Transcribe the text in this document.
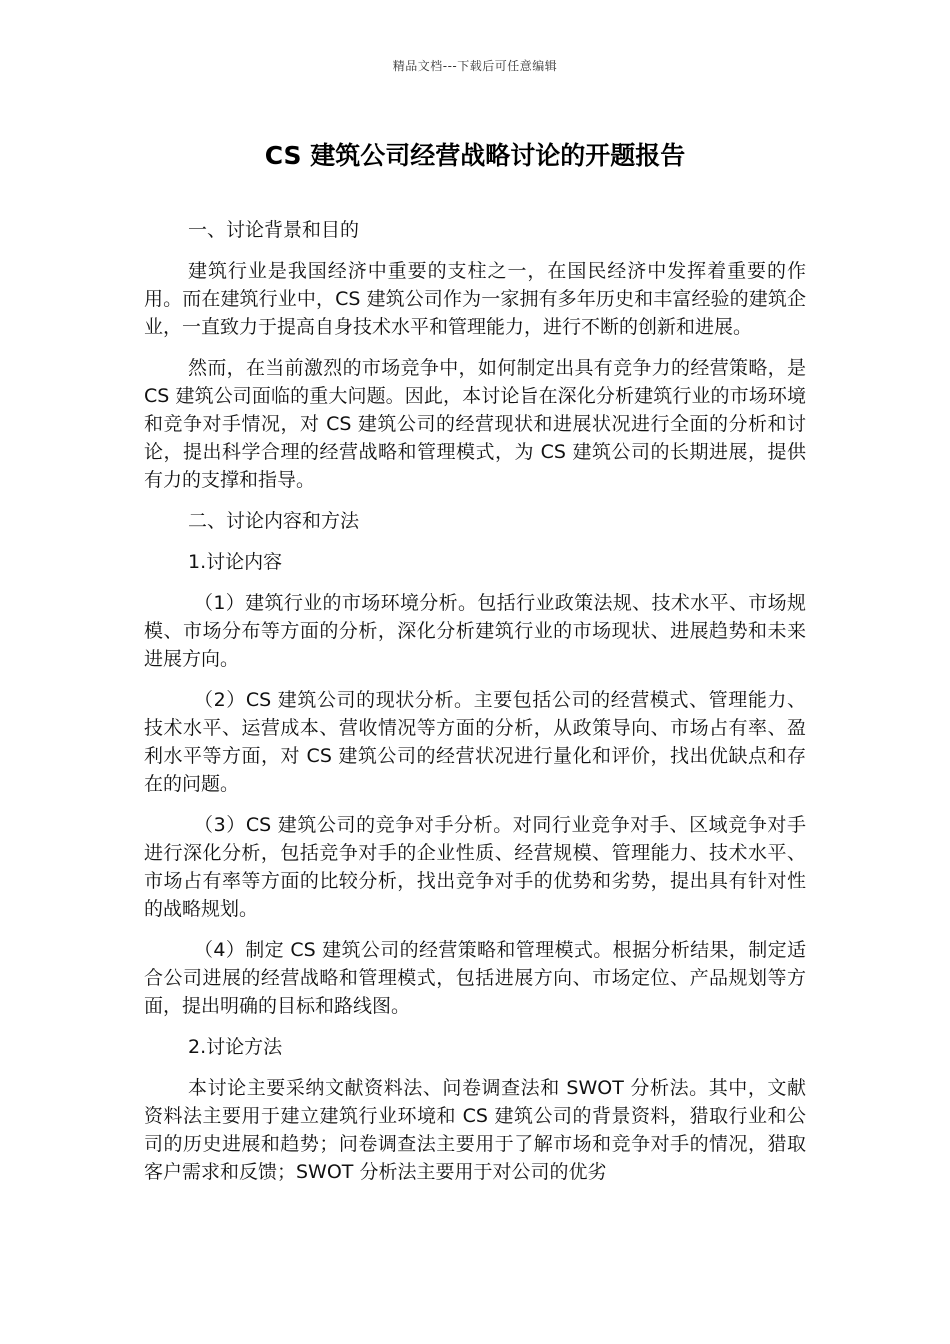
精品文档---下载后可任意编辑
CS 建筑公司经营战略讨论的开题报告

一、讨论背景和目的

建筑行业是我国经济中重要的支柱之一，在国民经济中发挥着重要的作用。而在建筑行业中，CS 建筑公司作为一家拥有多年历史和丰富经验的建筑企业，一直致力于提高自身技术水平和管理能力，进行不断的创新和进展。

然而，在当前激烈的市场竞争中，如何制定出具有竞争力的经营策略，是 CS 建筑公司面临的重大问题。因此，本讨论旨在深化分析建筑行业的市场环境和竞争对手情况，对 CS 建筑公司的经营现状和进展状况进行全面的分析和讨论，提出科学合理的经营战略和管理模式，为 CS 建筑公司的长期进展，提供有力的支撑和指导。

二、讨论内容和方法

1.讨论内容

（1）建筑行业的市场环境分析。包括行业政策法规、技术水平、市场规模、市场分布等方面的分析，深化分析建筑行业的市场现状、进展趋势和未来进展方向。

（2）CS 建筑公司的现状分析。主要包括公司的经营模式、管理能力、技术水平、运营成本、营收情况等方面的分析，从政策导向、市场占有率、盈利水平等方面，对 CS 建筑公司的经营状况进行量化和评价，找出优缺点和存在的问题。

（3）CS 建筑公司的竞争对手分析。对同行业竞争对手、区域竞争对手进行深化分析，包括竞争对手的企业性质、经营规模、管理能力、技术水平、市场占有率等方面的比较分析，找出竞争对手的优势和劣势，提出具有针对性的战略规划。

（4）制定 CS 建筑公司的经营策略和管理模式。根据分析结果，制定适合公司进展的经营战略和管理模式，包括进展方向、市场定位、产品规划等方面，提出明确的目标和路线图。

2.讨论方法

本讨论主要采纳文献资料法、问卷调查法和 SWOT 分析法。其中，文献资料法主要用于建立建筑行业环境和 CS 建筑公司的背景资料，猎取行业和公司的历史进展和趋势；问卷调查法主要用于了解市场和竞争对手的情况，猎取客户需求和反馈；SWOT 分析法主要用于对公司的优劣
